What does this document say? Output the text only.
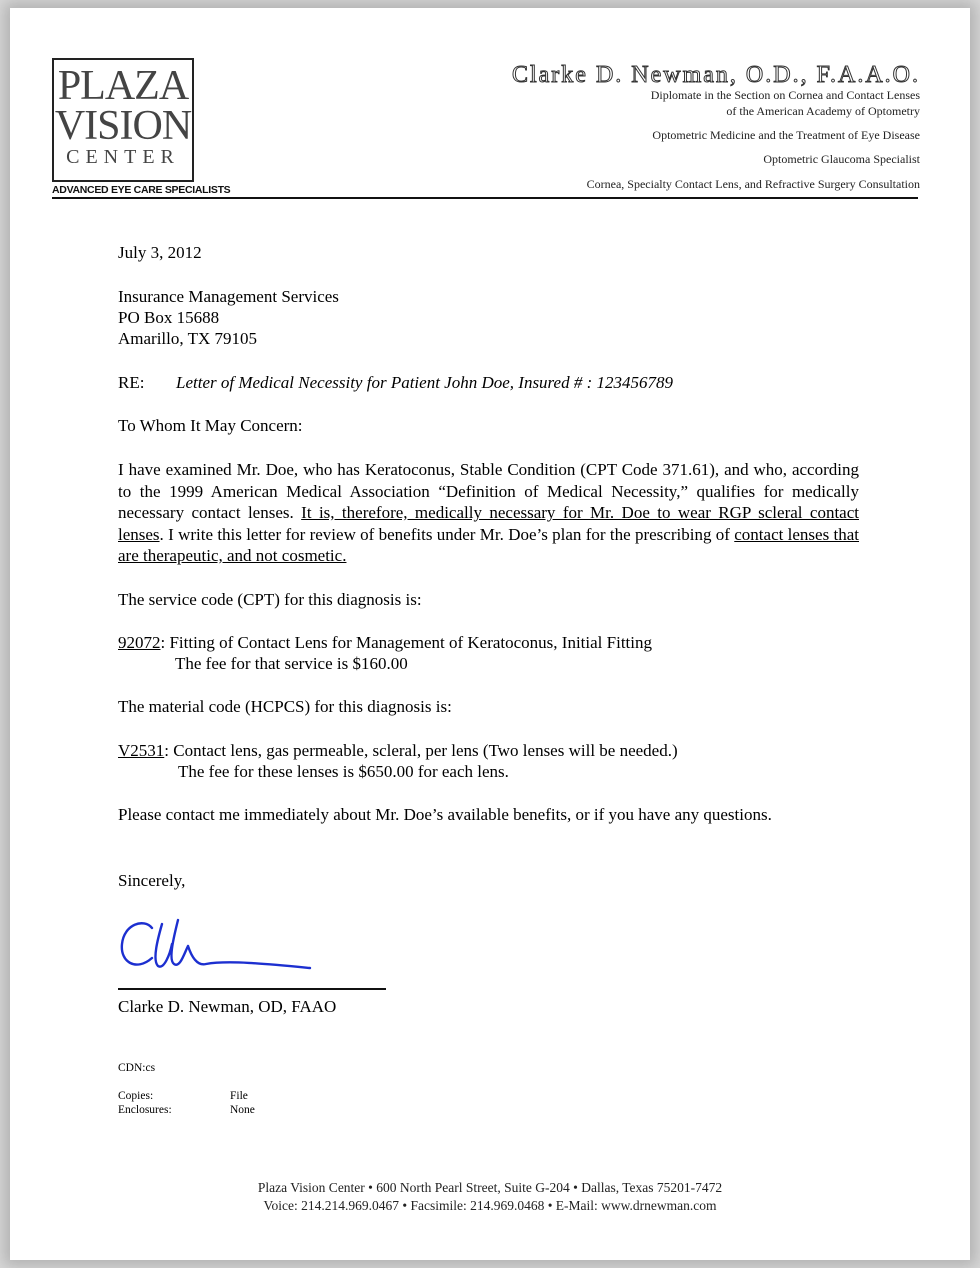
PLAZA
VISION
CENTER
ADVANCED EYE CARE SPECIALISTS
Clarke D. Newman, O.D., F.A.A.O.
Diplomate in the Section on Cornea and Contact Lenses
of the American Academy of Optometry
Optometric Medicine and the Treatment of Eye Disease
Optometric Glaucoma Specialist
Cornea, Specialty Contact Lens, and Refractive Surgery Consultation
July 3, 2012
Insurance Management Services
PO Box 15688
Amarillo, TX 79105
RE: Letter of Medical Necessity for Patient John Doe, Insured # : 123456789
To Whom It May Concern:
I have examined Mr. Doe, who has Keratoconus, Stable Condition (CPT Code 371.61), and who, according to the 1999 American Medical Association “Definition of Medical Necessity,” qualifies for medically necessary contact lenses. It is, therefore, medically necessary for Mr. Doe to wear RGP scleral contact lenses. I write this letter for review of benefits under Mr. Doe’s plan for the prescribing of contact lenses that are therapeutic, and not cosmetic.
The service code (CPT) for this diagnosis is:
92072: Fitting of Contact Lens for Management of Keratoconus, Initial Fitting
The fee for that service is $160.00
The material code (HCPCS) for this diagnosis is:
V2531: Contact lens, gas permeable, scleral, per lens (Two lenses will be needed.)
The fee for these lenses is $650.00 for each lens.
Please contact me immediately about Mr. Doe’s available benefits, or if you have any questions.
Sincerely,
Clarke D. Newman, OD, FAAO
CDN:cs
Copies:	File
Enclosures:	None
Plaza Vision Center • 600 North Pearl Street, Suite G-204 • Dallas, Texas 75201-7472
Voice: 214.214.969.0467 • Facsimile: 214.969.0468 • E-Mail: www.drnewman.com
